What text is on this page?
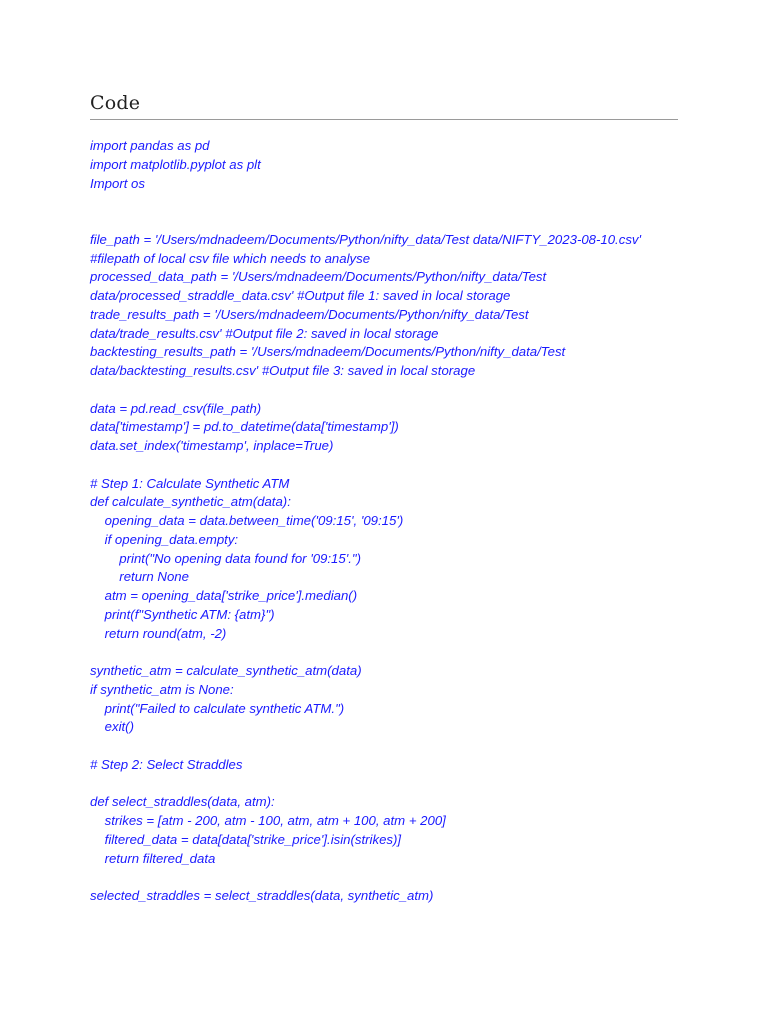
Code
import pandas as pd
import matplotlib.pyplot as plt
Import os
file_path = '/Users/mdnadeem/Documents/Python/nifty_data/Test data/NIFTY_2023-08-10.csv'
#filepath of local csv file which needs to analyse
processed_data_path = '/Users/mdnadeem/Documents/Python/nifty_data/Test
data/processed_straddle_data.csv' #Output file 1: saved in local storage
trade_results_path = '/Users/mdnadeem/Documents/Python/nifty_data/Test
data/trade_results.csv' #Output file 2: saved in local storage
backtesting_results_path = '/Users/mdnadeem/Documents/Python/nifty_data/Test
data/backtesting_results.csv' #Output file 3: saved in local storage
data = pd.read_csv(file_path)
data['timestamp'] = pd.to_datetime(data['timestamp'])
data.set_index('timestamp', inplace=True)
# Step 1: Calculate Synthetic ATM
def calculate_synthetic_atm(data):
opening_data = data.between_time('09:15', '09:15')
if opening_data.empty:
print("No opening data found for '09:15'.")
return None
atm = opening_data['strike_price'].median()
print(f"Synthetic ATM: {atm}")
return round(atm, -2)
synthetic_atm = calculate_synthetic_atm(data)
if synthetic_atm is None:
print("Failed to calculate synthetic ATM.")
exit()
# Step 2: Select Straddles
def select_straddles(data, atm):
strikes = [atm - 200, atm - 100, atm, atm + 100, atm + 200]
filtered_data = data[data['strike_price'].isin(strikes)]
return filtered_data
selected_straddles = select_straddles(data, synthetic_atm)
